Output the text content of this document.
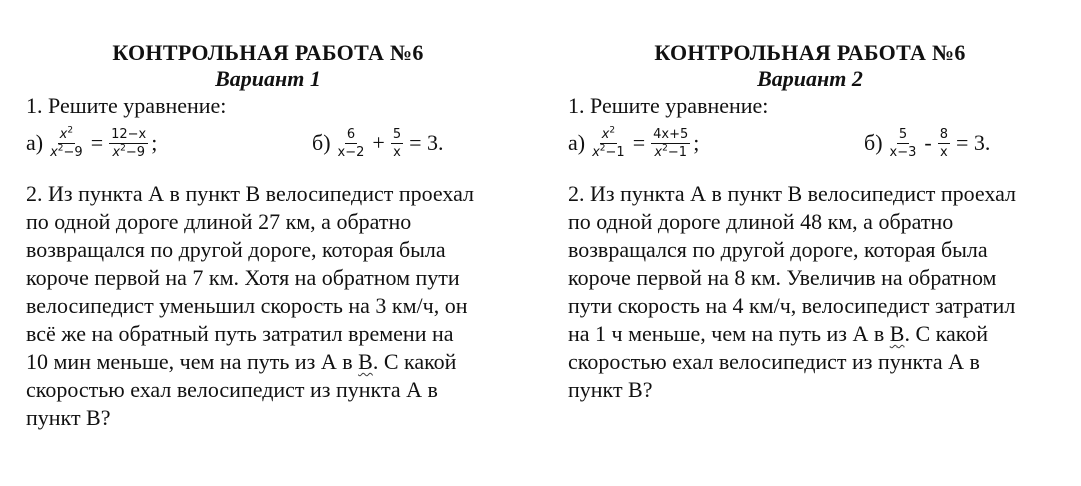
КОНТРОЛЬНАЯ РАБОТА №6
Вариант 1

1. Решите уравнение:

$а) \frac{x^2}{x^2-9} = \frac{12-x}{x^2-9}$ ;	$б) \frac{6}{x-2} + \frac{5}{x} = 3$.
2. Из пункта А в пункт В велосипедист проехал
по одной дороге длиной 27 км, а обратно
возвращался по другой дороге, которая была
короче первой на 7 км. Хотя на обратном пути
велосипедист уменьшил скорость на 3 км/ч, он
всё же на обратный путь затратил времени на
10 мин меньше, чем на путь из А в В. С какой
скоростью ехал велосипедист из пункта А в
пункт В?
КОНТРОЛЬНАЯ РАБОТА №6
Вариант 2

1. Решите уравнение:

$а) \frac{x^2}{x^2-1} = \frac{4x+5}{x^2-1}$ ;	$б) \frac{5}{x-3} - \frac{8}{x} = 3$.
2. Из пункта А в пункт В велосипедист проехал
по одной дороге длиной 48 км, а обратно
возвращался по другой дороге, которая была
короче первой на 8 км. Увеличив на обратном
пути скорость на 4 км/ч, велосипедист затратил
на 1 ч меньше, чем на путь из А в В. С какой
скоростью ехал велосипедист из пункта А в
пункт В?
